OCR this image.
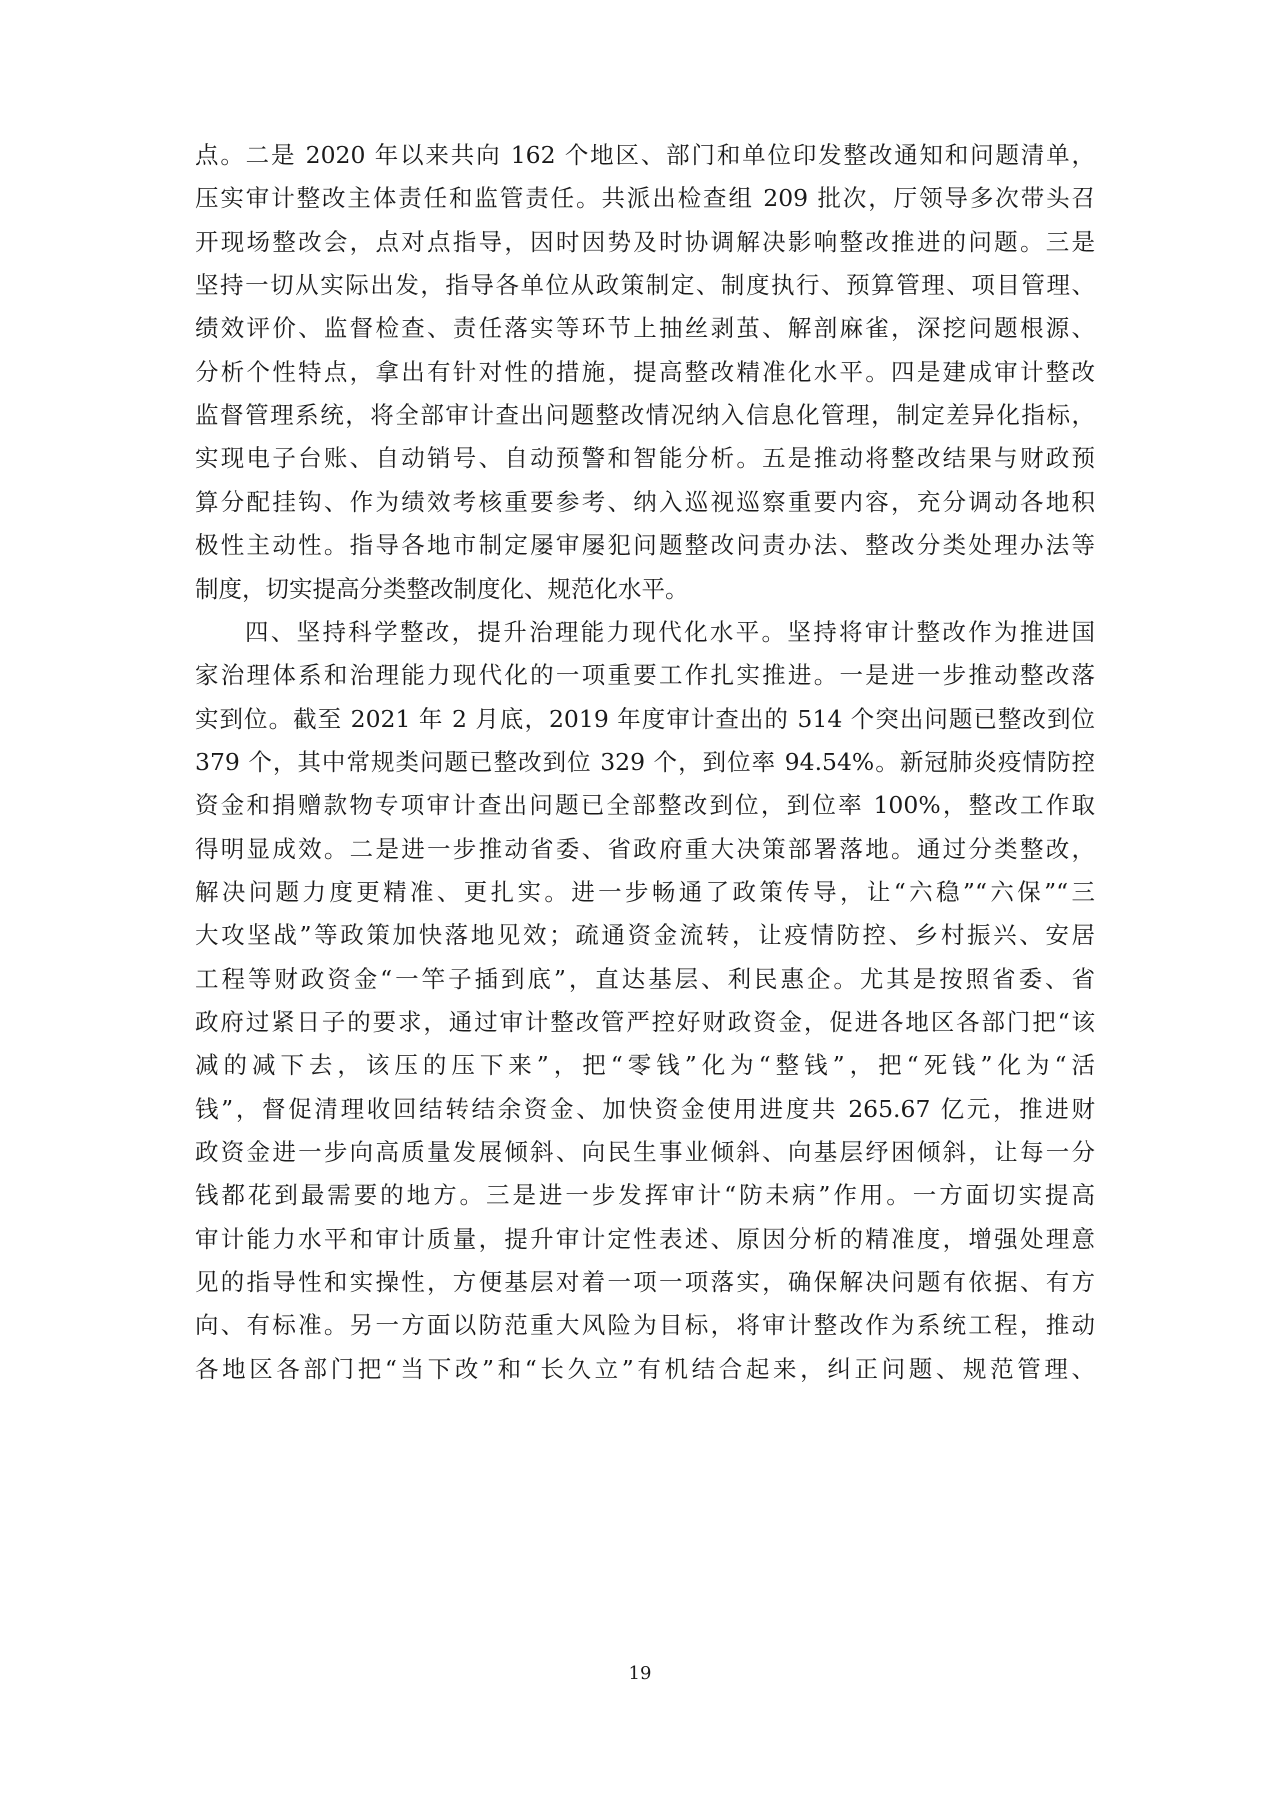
点。二是 2020 年以来共向 162 个地区、部门和单位印发整改通知和问题清单，
压实审计整改主体责任和监管责任。共派出检查组 209 批次，厅领导多次带头召
开现场整改会，点对点指导，因时因势及时协调解决影响整改推进的问题。三是
坚持一切从实际出发，指导各单位从政策制定、制度执行、预算管理、项目管理、
绩效评价、监督检查、责任落实等环节上抽丝剥茧、解剖麻雀，深挖问题根源、
分析个性特点，拿出有针对性的措施，提高整改精准化水平。四是建成审计整改
监督管理系统，将全部审计查出问题整改情况纳入信息化管理，制定差异化指标，
实现电子台账、自动销号、自动预警和智能分析。五是推动将整改结果与财政预
算分配挂钩、作为绩效考核重要参考、纳入巡视巡察重要内容，充分调动各地积
极性主动性。指导各地市制定屡审屡犯问题整改问责办法、整改分类处理办法等
制度，切实提高分类整改制度化、规范化水平。
四、坚持科学整改，提升治理能力现代化水平。坚持将审计整改作为推进国
家治理体系和治理能力现代化的一项重要工作扎实推进。一是进一步推动整改落
实到位。截至 2021 年 2 月底，2019 年度审计查出的 514 个突出问题已整改到位
379 个，其中常规类问题已整改到位 329 个，到位率 94.54%。新冠肺炎疫情防控
资金和捐赠款物专项审计查出问题已全部整改到位，到位率 100%，整改工作取
得明显成效。二是进一步推动省委、省政府重大决策部署落地。通过分类整改，
解决问题力度更精准、更扎实。进一步畅通了政策传导，让“六稳”“六保”“三
大攻坚战”等政策加快落地见效；疏通资金流转，让疫情防控、乡村振兴、安居
工程等财政资金“一竿子插到底”，直达基层、利民惠企。尤其是按照省委、省
政府过紧日子的要求，通过审计整改管严控好财政资金，促进各地区各部门把“该
减的减下去，该压的压下来”，把“零钱”化为“整钱”，把“死钱”化为“活
钱”，督促清理收回结转结余资金、加快资金使用进度共 265.67 亿元，推进财
政资金进一步向高质量发展倾斜、向民生事业倾斜、向基层纾困倾斜，让每一分
钱都花到最需要的地方。三是进一步发挥审计“防未病”作用。一方面切实提高
审计能力水平和审计质量，提升审计定性表述、原因分析的精准度，增强处理意
见的指导性和实操性，方便基层对着一项一项落实，确保解决问题有依据、有方
向、有标准。另一方面以防范重大风险为目标，将审计整改作为系统工程，推动
各地区各部门把“当下改”和“长久立”有机结合起来，纠正问题、规范管理、
19
